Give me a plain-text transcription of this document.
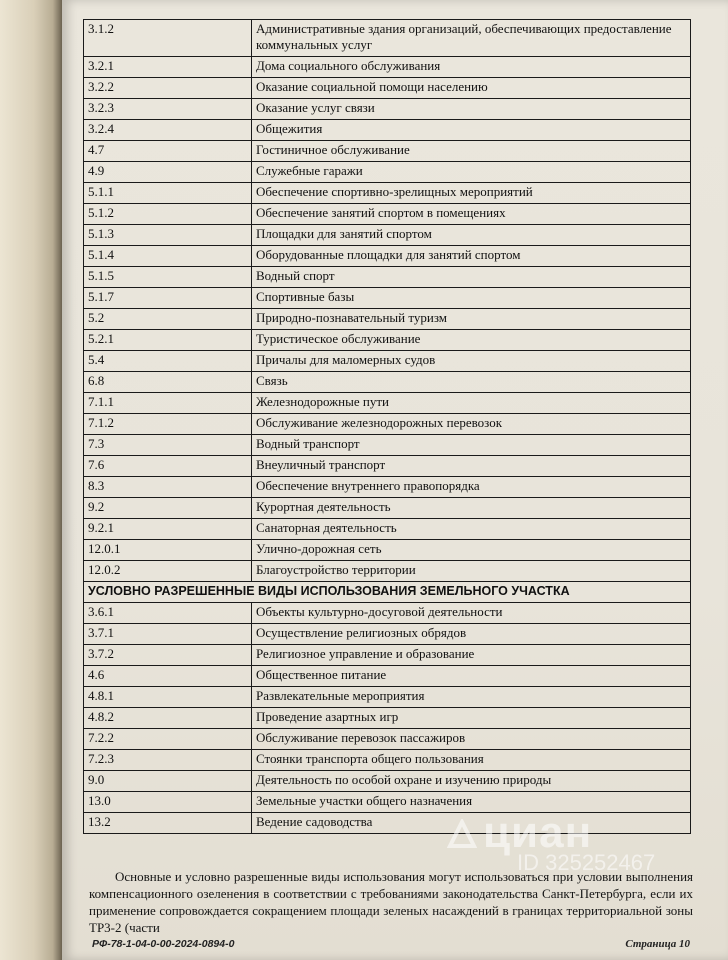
3.1.2	Административные здания организаций, обеспечивающих предоставление коммунальных услуг
3.2.1	Дома социального обслуживания
3.2.2	Оказание социальной помощи населению
3.2.3	Оказание услуг связи
3.2.4	Общежития
4.7	Гостиничное обслуживание
4.9	Служебные гаражи
5.1.1	Обеспечение спортивно-зрелищных мероприятий
5.1.2	Обеспечение занятий спортом в помещениях
5.1.3	Площадки для занятий спортом
5.1.4	Оборудованные площадки для занятий спортом
5.1.5	Водный спорт
5.1.7	Спортивные базы
5.2	Природно-познавательный туризм
5.2.1	Туристическое обслуживание
5.4	Причалы для маломерных судов
6.8	Связь
7.1.1	Железнодорожные пути
7.1.2	Обслуживание железнодорожных перевозок
7.3	Водный транспорт
7.6	Внеуличный транспорт
8.3	Обеспечение внутреннего правопорядка
9.2	Курортная деятельность
9.2.1	Санаторная деятельность
12.0.1	Улично-дорожная сеть
12.0.2	Благоустройство территории
УСЛОВНО РАЗРЕШЕННЫЕ ВИДЫ ИСПОЛЬЗОВАНИЯ ЗЕМЕЛЬНОГО УЧАСТКА	
3.6.1	Объекты культурно-досуговой деятельности
3.7.1	Осуществление религиозных обрядов
3.7.2	Религиозное управление и образование
4.6	Общественное питание
4.8.1	Развлекательные мероприятия
4.8.2	Проведение азартных игр
7.2.2	Обслуживание перевозок пассажиров
7.2.3	Стоянки транспорта общего пользования
9.0	Деятельность по особой охране и изучению природы
13.0	Земельные участки общего назначения
13.2	Ведение садоводства

Основные и условно разрешенные виды использования могут использоваться при условии выполнения компенсационного озеленения в соответствии с требованиями законодательства Санкт-Петербурга, если их применение сопровождается сокращением площади зеленых насаждений в границах территориальной зоны ТР3-2 (части

РФ-78-1-04-0-00-2024-0894-0	Страница 10
циан
ID 325252467
